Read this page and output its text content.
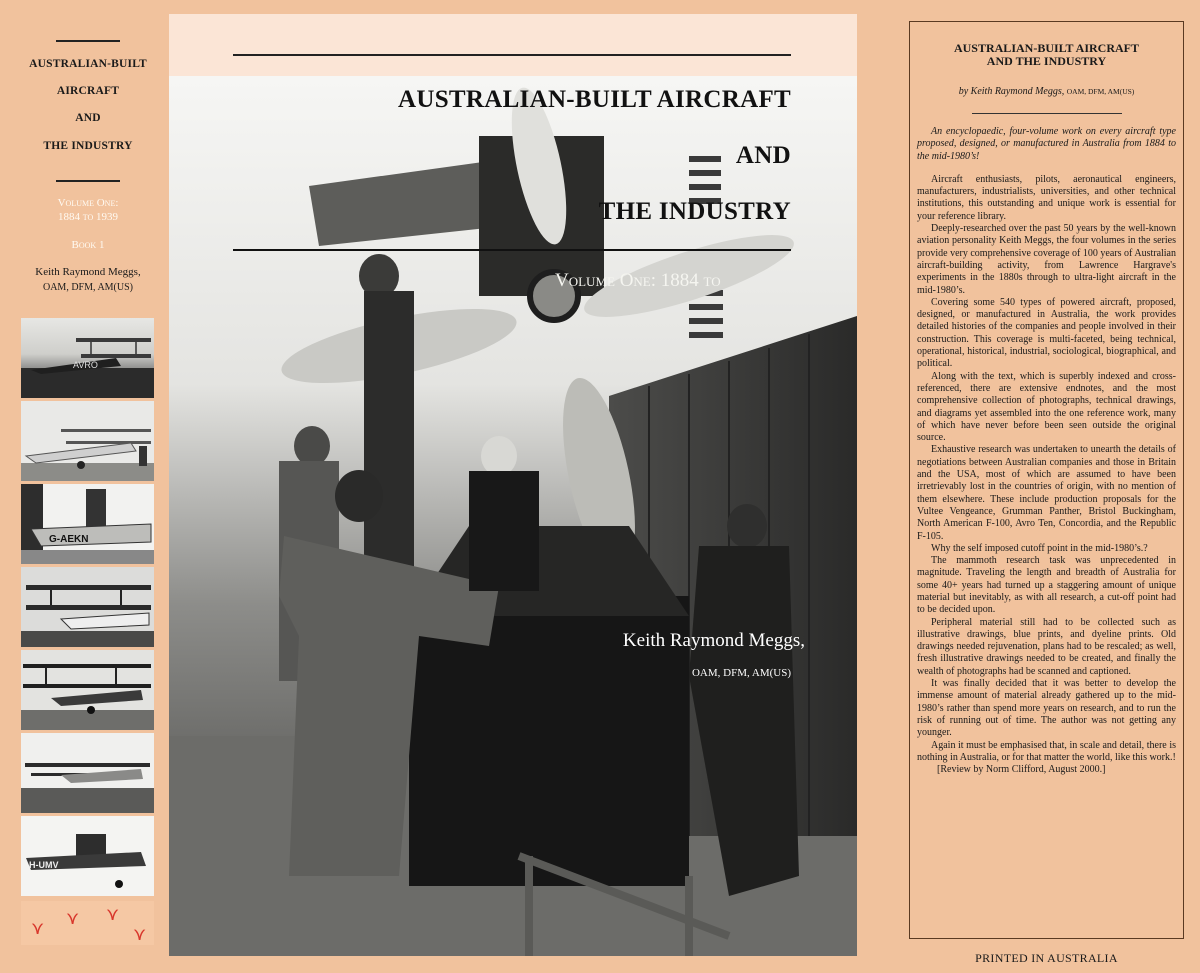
AUSTRALIAN-BUILT
AIRCRAFT
AND
THE INDUSTRY
Volume One:
1884 to 1939
Book 1
Keith Raymond Meggs,
OAM, DFM, AM(US)
AVRO
G-AEKN
H-UMV
⋎ ⋎ ⋎
⋎
AUSTRALIAN-BUILT AIRCRAFT
AND
THE INDUSTRY
Volume One: 1884 to
Keith Raymond Meggs,
OAM, DFM, AM(US)
AUSTRALIAN-BUILT AIRCRAFT
AND THE INDUSTRY
by Keith Raymond Meggs, OAM, DFM, AM(US)

An encyclopaedic, four-volume work on every aircraft type proposed, designed, or manufactured in Australia from 1884 to the mid-1980’s!

Aircraft enthusiasts, pilots, aeronautical engineers, manufacturers, industrialists, universities, and other technical institutions, this outstanding and unique work is essential for your reference library.

Deeply-researched over the past 50 years by the well-known aviation personality Keith Meggs, the four volumes in the series provide very comprehensive coverage of 100 years of Australian aircraft-building activity, from Lawrence Hargrave's experiments in the 1880s through to ultra-light aircraft in the mid-1980’s.

Covering some 540 types of powered aircraft, proposed, designed, or manufactured in Australia, the work provides detailed histories of the companies and people involved in their construction. This coverage is multi-faceted, being technical, operational, historical, industrial, sociological, biographical, and political.

Along with the text, which is superbly indexed and cross-referenced, there are extensive endnotes, and the most comprehensive collection of photographs, technical drawings, and diagrams yet assembled into the one reference work, many of which have never before been seen outside the original source.

Exhaustive research was undertaken to unearth the details of negotiations between Australian companies and those in Britain and the USA, most of which are assumed to have been irretrievably lost in the countries of origin, with no mention of them elsewhere. These include production proposals for the Vultee Vengeance, Grumman Panther, Bristol Buckingham, North American F-100, Avro Ten, Concordia, and the Republic F-105.

Why the self imposed cutoff point in the mid-1980’s.?

The mammoth research task was unprecedented in magnitude. Traveling the length and breadth of Australia for some 40+ years had turned up a staggering amount of unique material but inevitably, as with all research, a cut-off point had to be decided upon.

Peripheral material still had to be collected such as illustrative drawings, blue prints, and dyeline prints. Old drawings needed rejuvenation, plans had to be rescaled; as well, fresh illustrative drawings needed to be created, and finally the wealth of photographs had be scanned and captioned.

It was finally decided that it was better to develop the immense amount of material already gathered up to the mid-1980’s rather than spend more years on research, and to run the risk of running out of time. The author was not getting any younger.

Again it must be emphasised that, in scale and detail, there is nothing in Australia, or for that matter the world, like this work.!

[Review by Norm Clifford, August 2000.]

PRINTED IN AUSTRALIA
